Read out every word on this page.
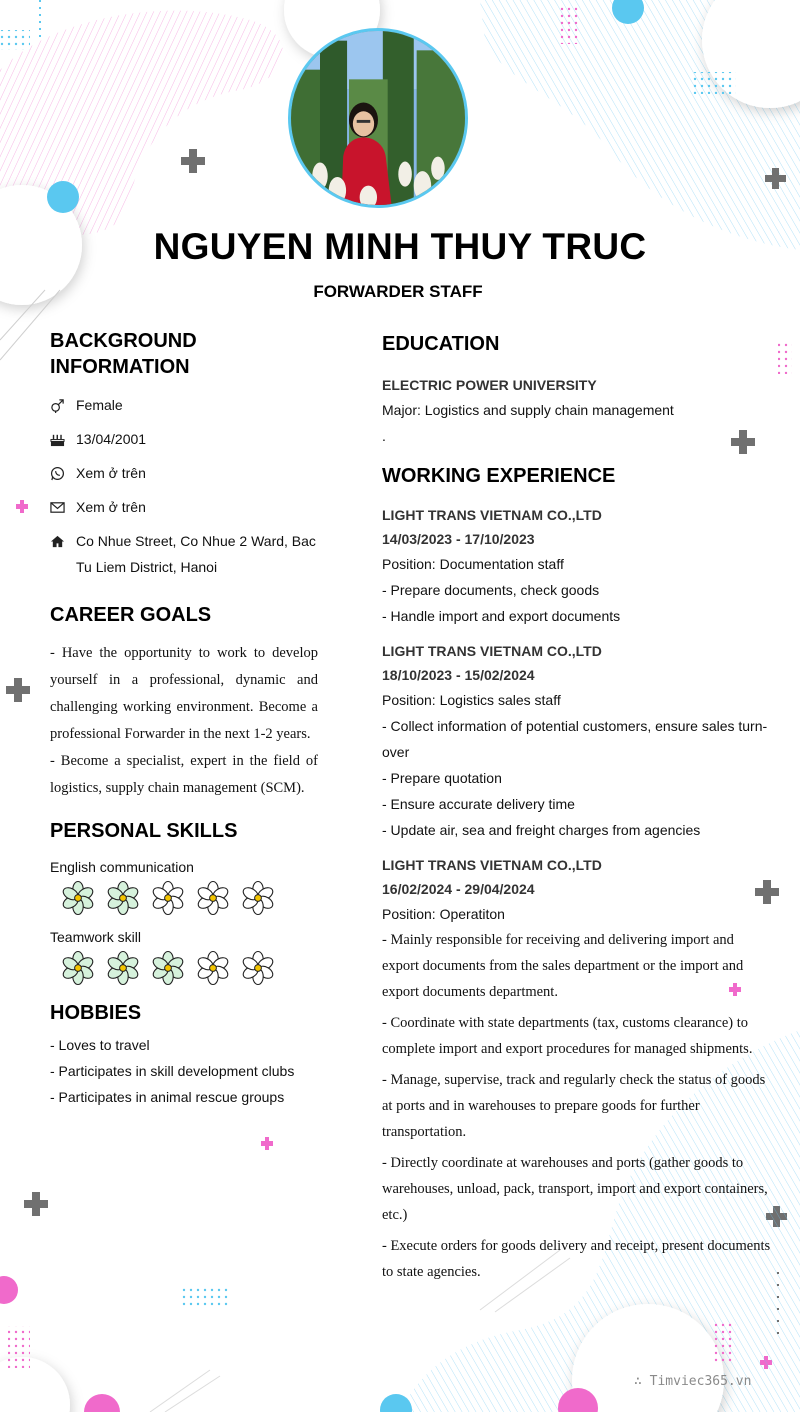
NGUYEN MINH THUY TRUC
FORWARDER STAFF
BACKGROUND INFORMATION
Female
13/04/2001
Xem ở trên
Xem ở trên
Co Nhue Street, Co Nhue 2 Ward, Bac Tu Liem District, Hanoi
CAREER GOALS
- Have the opportunity to work to develop yourself in a professional, dynamic and challenging working environment. Become a professional Forwarder in the next 1-2 years.
- Become a specialist, expert in the field of logistics, supply chain management (SCM).
PERSONAL SKILLS
English communication
Teamwork skill
HOBBIES
- Loves to travel
- Participates in skill development clubs
- Participates in animal rescue groups
EDUCATION
ELECTRIC POWER UNIVERSITY
Major: Logistics and supply chain management
.
WORKING EXPERIENCE
LIGHT TRANS VIETNAM CO.,LTD
14/03/2023 - 17/10/2023
Position: Documentation staff
- Prepare documents, check goods
- Handle import and export documents
LIGHT TRANS VIETNAM CO.,LTD
18/10/2023 - 15/02/2024
Position: Logistics sales staff
- Collect information of potential customers, ensure sales turn-over
- Prepare quotation
- Ensure accurate delivery time
- Update air, sea and freight charges from agencies
LIGHT TRANS VIETNAM CO.,LTD
16/02/2024 - 29/04/2024
Position: Operatiton
- Mainly responsible for receiving and delivering import and export documents from the sales department or the import and export documents department.
- Coordinate with state departments (tax, customs clearance) to complete import and export procedures for managed shipments.
- Manage, supervise, track and regularly check the status of goods at ports and in warehouses to prepare goods for further transportation.
- Directly coordinate at warehouses and ports (gather goods to warehouses, unload, pack, transport, import and export containers, etc.)
- Execute orders for goods delivery and receipt, present documents to state agencies.
∴ Timviec365.vn
